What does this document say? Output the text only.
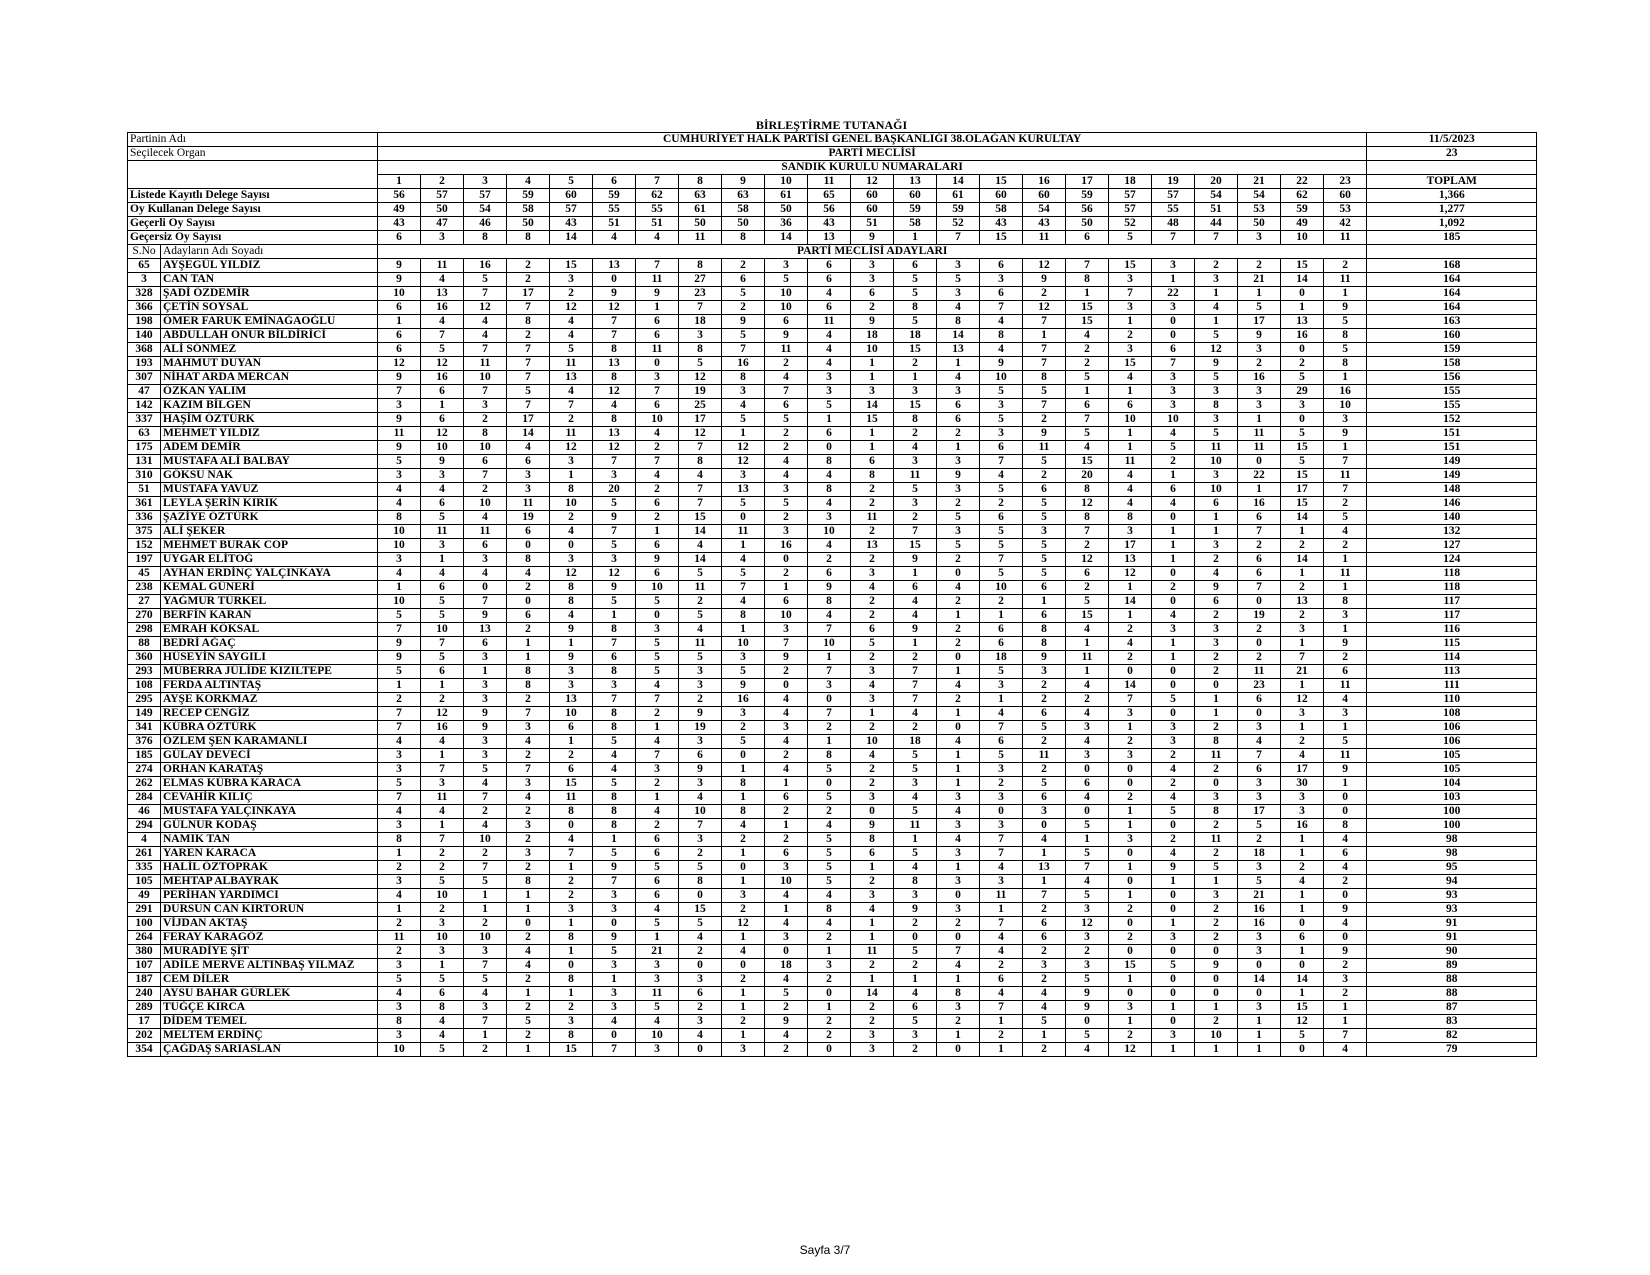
BİRLEŞTİRME TUTANAĞI
Partinin Adı		CUMHURİYET HALK PARTİSİ GENEL BAŞKANLIĞI 38.OLAĞAN KURULTAY																							11/5/2023
Seçilecek Organ		PARTİ MECLİSİ																							23
		SANDIK KURULU NUMARALARI																							
		1	2	3	4	5	6	7	8	9	10	11	12	13	14	15	16	17	18	19	20	21	22	23	TOPLAM
Listede Kayıtlı Delege Sayısı		56	57	57	59	60	59	62	63	63	61	65	60	60	61	60	60	59	57	57	54	54	62	60	1,366
Oy Kullanan Delege Sayısı		49	50	54	58	57	55	55	61	58	50	56	60	59	59	58	54	56	57	55	51	53	59	53	1,277
Geçerli Oy Sayısı		43	47	46	50	43	51	51	50	50	36	43	51	58	52	43	43	50	52	48	44	50	49	42	1,092
Geçersiz Oy Sayısı		6	3	8	8	14	4	4	11	8	14	13	9	1	7	15	11	6	5	7	7	3	10	11	185
S.No	Adayların Adı Soyadı	PARTİ MECLİSİ ADAYLARI																							
65	AYŞEGÜL YILDIZ	9	11	16	2	15	13	7	8	2	3	6	3	6	3	6	12	7	15	3	2	2	15	2	168
3	CAN TAN	9	4	5	2	3	0	11	27	6	5	6	3	5	5	3	9	8	3	1	3	21	14	11	164
328	ŞADİ ÖZDEMİR	10	13	7	17	2	9	9	23	5	10	4	6	5	3	6	2	1	7	22	1	1	0	1	164
366	ÇETİN SOYSAL	6	16	12	7	12	12	1	7	2	10	6	2	8	4	7	12	15	3	3	4	5	1	9	164
198	ÖMER FARUK EMİNAĞAOĞLU	1	4	4	8	4	7	6	18	9	6	11	9	5	8	4	7	15	1	0	1	17	13	5	163
140	ABDULLAH ONUR BİLDİRİCİ	6	7	4	2	4	7	6	3	5	9	4	18	18	14	8	1	4	2	0	5	9	16	8	160
368	ALİ SÖNMEZ	6	5	7	7	5	8	11	8	7	11	4	10	15	13	4	7	2	3	6	12	3	0	5	159
193	MAHMUT DUYAN	12	12	11	7	11	13	0	5	16	2	4	1	2	1	9	7	2	15	7	9	2	2	8	158
307	NİHAT ARDA MERCAN	9	16	10	7	13	8	3	12	8	4	3	1	1	4	10	8	5	4	3	5	16	5	1	156
47	ÖZKAN YALIM	7	6	7	5	4	12	7	19	3	7	3	3	3	3	5	5	1	1	3	3	3	29	16	155
142	KAZIM BİLGEN	3	1	3	7	7	4	6	25	4	6	5	14	15	6	3	7	6	6	3	8	3	3	10	155
337	HAŞİM ÖZTÜRK	9	6	2	17	2	8	10	17	5	5	1	15	8	6	5	2	7	10	10	3	1	0	3	152
63	MEHMET YILDIZ	11	12	8	14	11	13	4	12	1	2	6	1	2	2	3	9	5	1	4	5	11	5	9	151
175	ADEM DEMİR	9	10	10	4	12	12	2	7	12	2	0	1	4	1	6	11	4	1	5	11	11	15	1	151
131	MUSTAFA ALİ BALBAY	5	9	6	6	3	7	7	8	12	4	8	6	3	3	7	5	15	11	2	10	0	5	7	149
310	GÖKSU NAK	3	3	7	3	1	3	4	4	3	4	4	8	11	9	4	2	20	4	1	3	22	15	11	149
51	MUSTAFA YAVUZ	4	4	2	3	8	20	2	7	13	3	8	2	5	3	5	6	8	4	6	10	1	17	7	148
361	LEYLA ŞERİN KIRIK	4	6	10	11	10	5	6	7	5	5	4	2	3	2	2	5	12	4	4	6	16	15	2	146
336	ŞAZİYE ÖZTÜRK	8	5	4	19	2	9	2	15	0	2	3	11	2	5	6	5	8	8	0	1	6	14	5	140
375	ALİ ŞEKER	10	11	11	6	4	7	1	14	11	3	10	2	7	3	5	3	7	3	1	1	7	1	4	132
152	MEHMET BURAK COP	10	3	6	0	0	5	6	4	1	16	4	13	15	5	5	5	2	17	1	3	2	2	2	127
197	UYGAR ELİTOĞ	3	1	3	8	3	3	9	14	4	0	2	2	9	2	7	5	12	13	1	2	6	14	1	124
45	AYHAN ERDİNÇ YALÇINKAYA	4	4	4	4	12	12	6	5	5	2	6	3	1	0	5	5	6	12	0	4	6	1	11	118
238	KEMAL GÜNERİ	1	6	0	2	8	9	10	11	7	1	9	4	6	4	10	6	2	1	2	9	7	2	1	118
27	YAĞMUR TÜRKEL	10	5	7	0	8	5	5	2	4	6	8	2	4	2	2	1	5	14	0	6	0	13	8	117
270	BERFİN KARAN	5	5	9	6	4	1	0	5	8	10	4	2	4	1	1	6	15	1	4	2	19	2	3	117
298	EMRAH KÖKSAL	7	10	13	2	9	8	3	4	1	3	7	6	9	2	6	8	4	2	3	3	2	3	1	116
88	BEDRİ AĞAÇ	9	7	6	1	1	7	5	11	10	7	10	5	1	2	6	8	1	4	1	3	0	1	9	115
360	HÜSEYİN SAYGILI	9	5	3	1	9	6	5	5	3	9	1	2	2	0	18	9	11	2	1	2	2	7	2	114
293	MÜBERRA JÜLİDE KIZILTEPE	5	6	1	8	3	8	5	3	5	2	7	3	7	1	5	3	1	0	0	2	11	21	6	113
108	FERDA ALTINTAŞ	1	1	3	8	3	3	4	3	9	0	3	4	7	4	3	2	4	14	0	0	23	1	11	111
295	AYŞE KORKMAZ	2	2	3	2	13	7	7	2	16	4	0	3	7	2	1	2	2	7	5	1	6	12	4	110
149	RECEP CENGİZ	7	12	9	7	10	8	2	9	3	4	7	1	4	1	4	6	4	3	0	1	0	3	3	108
341	KÜBRA ÖZTÜRK	7	16	9	3	6	8	1	19	2	3	2	2	2	0	7	5	3	1	3	2	3	1	1	106
376	ÖZLEM ŞEN KARAMANLI	4	4	3	4	1	5	4	3	5	4	1	10	18	4	6	2	4	2	3	8	4	2	5	106
185	GÜLAY DEVECİ	3	1	3	2	2	4	7	6	0	2	8	4	5	1	5	11	3	3	2	11	7	4	11	105
274	ORHAN KARATAŞ	3	7	5	7	6	4	3	9	1	4	5	2	5	1	3	2	0	0	4	2	6	17	9	105
262	ELMAS KÜBRA KARACA	5	3	4	3	15	5	2	3	8	1	0	2	3	1	2	5	6	0	2	0	3	30	1	104
284	CEVAHİR KILIÇ	7	11	7	4	11	8	1	4	1	6	5	3	4	3	3	6	4	2	4	3	3	3	0	103
46	MUSTAFA YALÇINKAYA	4	4	2	2	8	8	4	10	8	2	2	0	5	4	0	3	0	1	5	8	17	3	0	100
294	GÜLNUR KODAŞ	3	1	4	3	0	8	2	7	4	1	4	9	11	3	3	0	5	1	0	2	5	16	8	100
4	NAMIK TAN	8	7	10	2	4	1	6	3	2	2	5	8	1	4	7	4	1	3	2	11	2	1	4	98
261	YAREN KARACA	1	2	2	3	7	5	6	2	1	6	5	6	5	3	7	1	5	0	4	2	18	1	6	98
335	HALİL ÖZTOPRAK	2	2	7	2	1	9	5	5	0	3	5	1	4	1	4	13	7	1	9	5	3	2	4	95
105	MEHTAP ALBAYRAK	3	5	5	8	2	7	6	8	1	10	5	2	8	3	3	1	4	0	1	1	5	4	2	94
49	PERİHAN YARDIMCI	4	10	1	1	2	3	6	0	3	4	4	3	3	0	11	7	5	1	0	3	21	1	0	93
291	DURSUN CAN KIRTORUN	1	2	1	1	3	3	4	15	2	1	8	4	9	3	1	2	3	2	0	2	16	1	9	93
100	VİJDAN AKTAŞ	2	3	2	0	1	0	5	5	12	4	4	1	2	2	7	6	12	0	1	2	16	0	4	91
264	FERAY KARAGÖZ	11	10	10	2	8	9	1	4	1	3	2	1	0	0	4	6	3	2	3	2	3	6	0	91
380	MURADİYE ŞİT	2	3	3	4	1	5	21	2	4	0	1	11	5	7	4	2	2	0	0	0	3	1	9	90
107	ADİLE MERVE ALTINBAŞ YILMAZ	3	1	7	4	0	3	3	0	0	18	3	2	2	4	2	3	3	15	5	9	0	0	2	89
187	CEM DİLER	5	5	5	2	8	1	3	3	2	4	2	1	1	1	6	2	5	1	0	0	14	14	3	88
240	AYSU BAHAR GÜRLEK	4	6	4	1	1	3	11	6	1	5	0	14	4	8	4	4	9	0	0	0	0	1	2	88
289	TUĞÇE KIRCA	3	8	3	2	2	3	5	2	1	2	1	2	6	3	7	4	9	3	1	1	3	15	1	87
17	DİDEM TEMEL	8	4	7	5	3	4	4	3	2	9	2	2	5	2	1	5	0	1	0	2	1	12	1	83
202	MELTEM ERDİNÇ	3	4	1	2	8	0	10	4	1	4	2	3	3	1	2	1	5	2	3	10	1	5	7	82
354	ÇAĞDAŞ SARIASLAN	10	5	2	1	15	7	3	0	3	2	0	3	2	0	1	2	4	12	1	1	1	0	4	79
Sayfa 3/7
